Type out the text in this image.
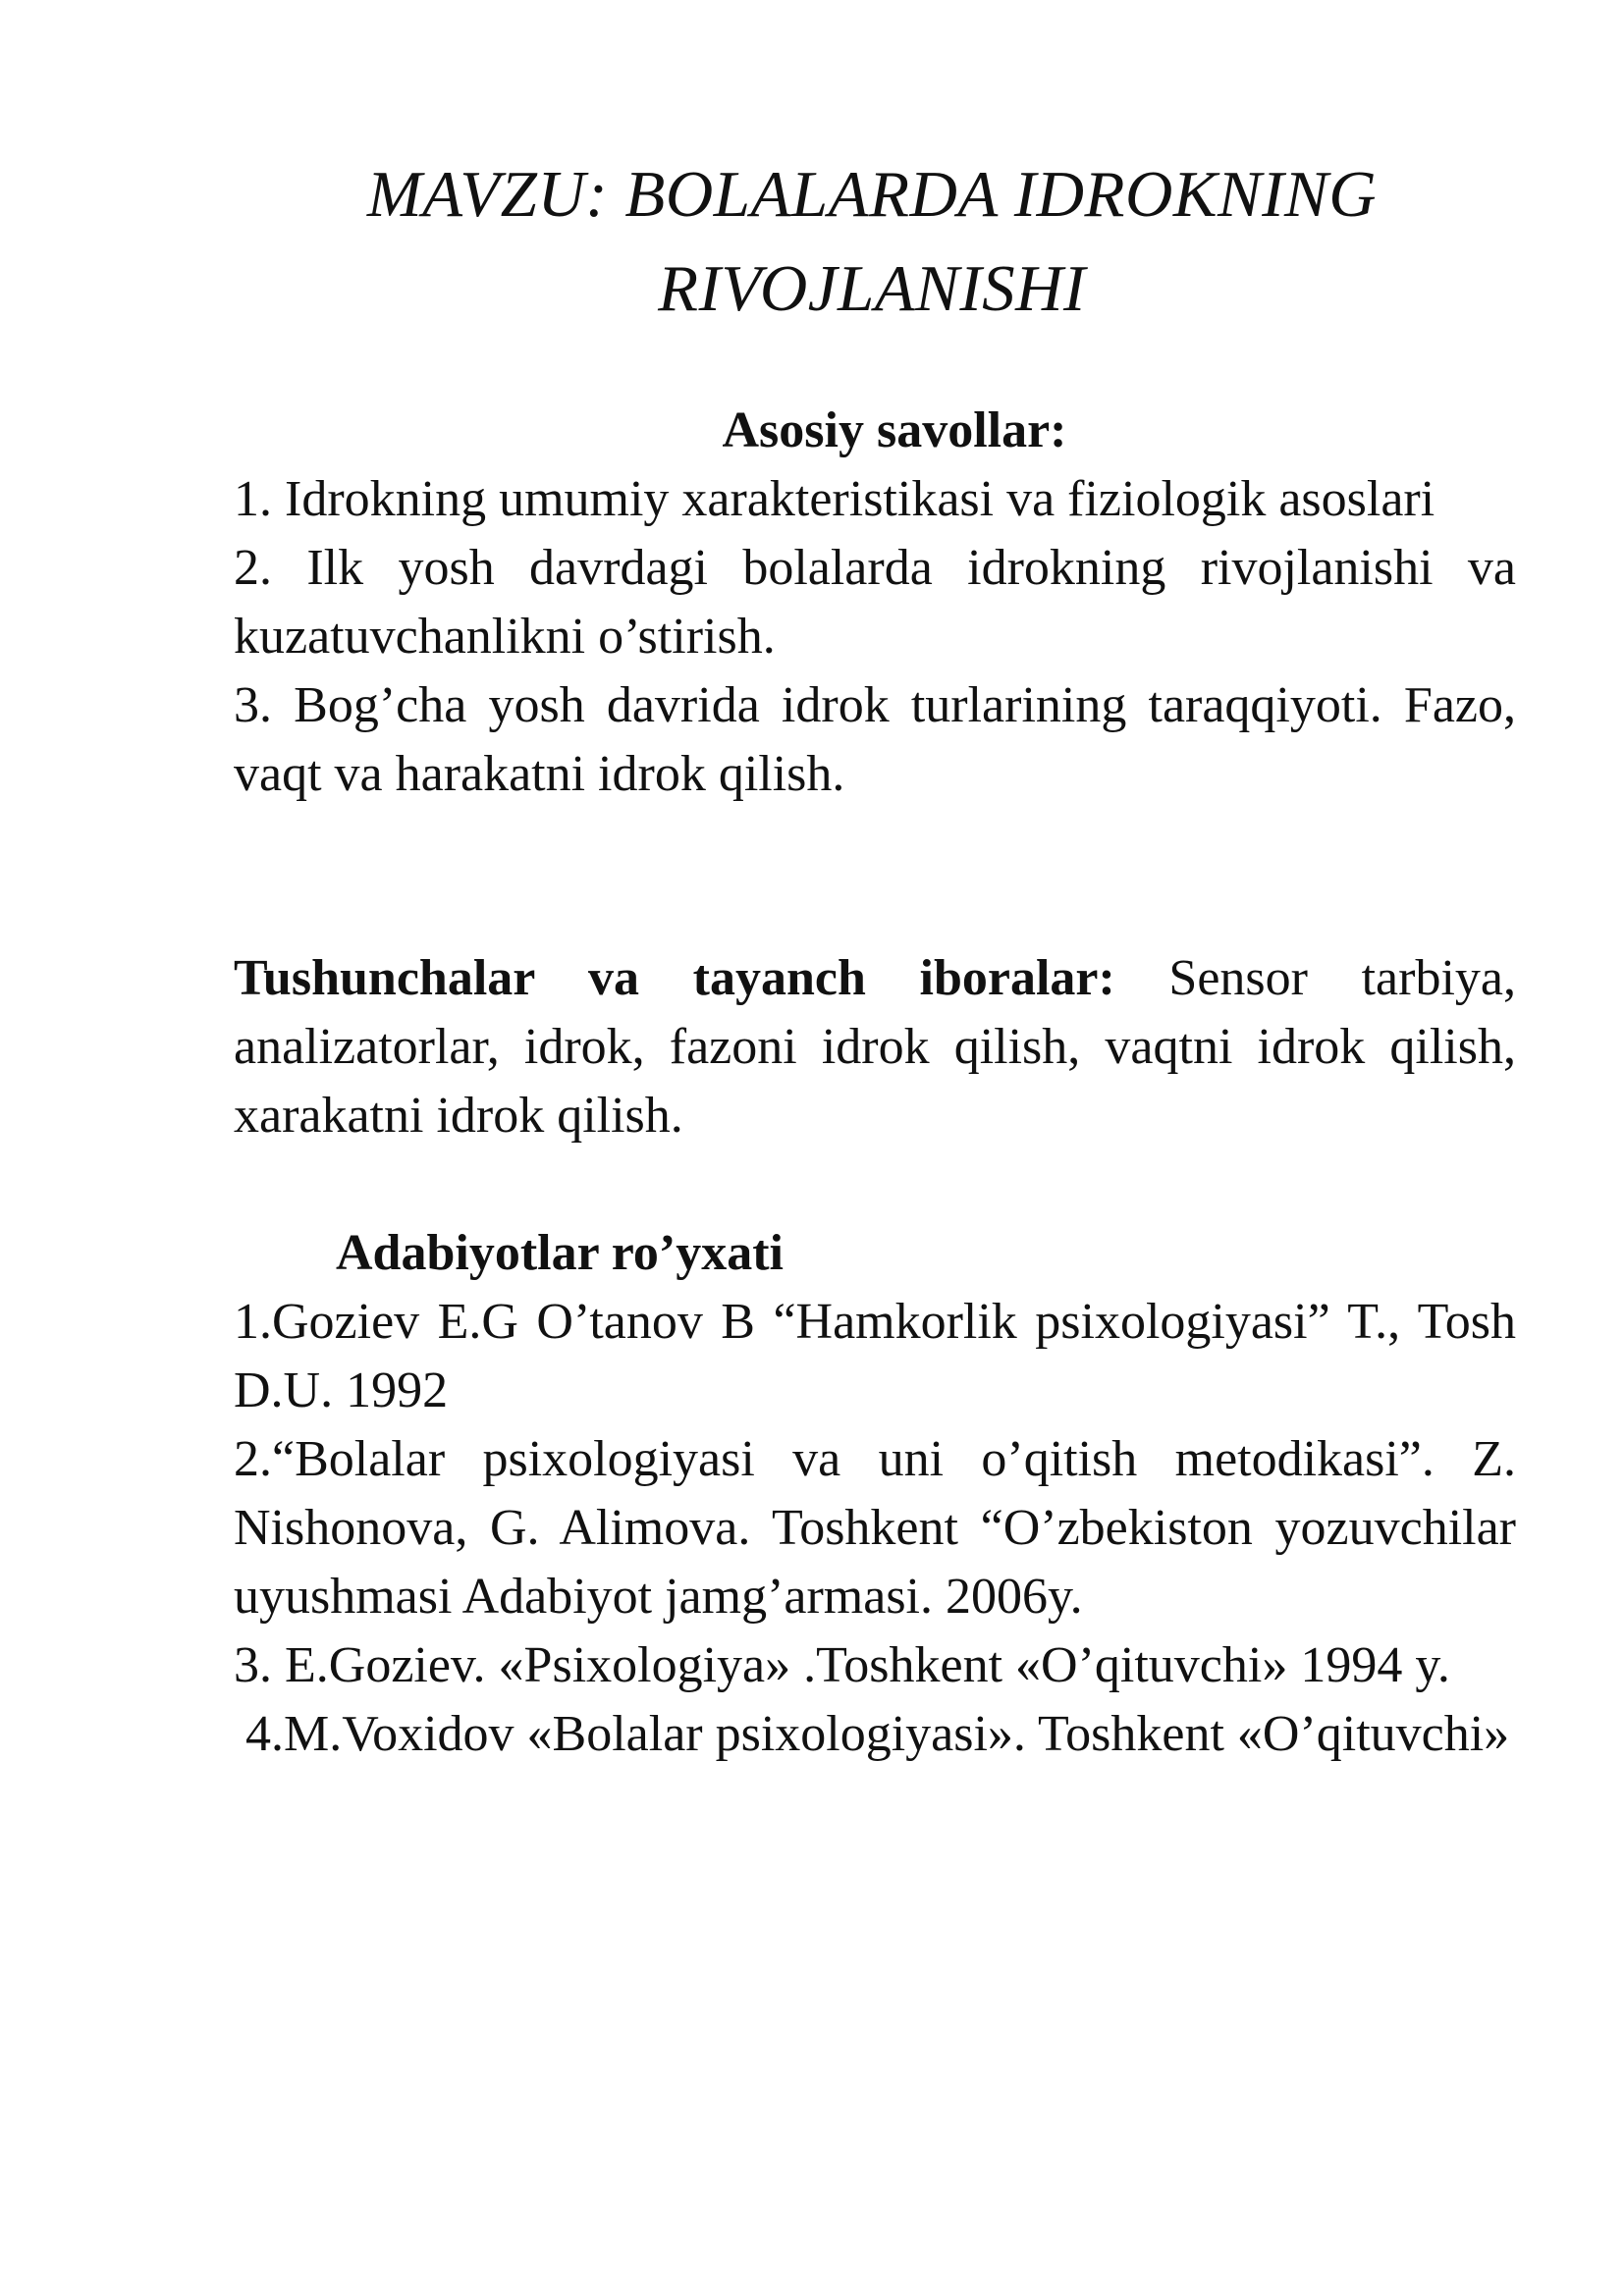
MAVZU: BOLALARDA IDROKNING
RIVOJLANISHI

Asosiy savollar:

1. Idrokning umumiy xarakteristikasi va fiziologik asoslari

2. Ilk yosh davrdagi bolalarda idrokning rivojlanishi va kuzatuvchanlikni o’stirish.

3. Bog’cha yosh davrida idrok turlarining taraqqiyoti. Fazo, vaqt va harakatni idrok qilish.

Tushunchalar va tayanch iboralar: Sensor tarbiya, analizatorlar, idrok, fazoni idrok qilish, vaqtni idrok qilish, xarakatni idrok qilish.

Adabiyotlar ro’yxati

1.Goziev E.G O’tanov B “Hamkorlik psixologiyasi” T., Tosh D.U. 1992

2.“Bolalar psixologiyasi va uni o’qitish metodikasi”. Z. Nishonova, G. Alimova. Toshkent “O’zbekiston yozuvchilar uyushmasi Adabiyot jamg’armasi. 2006y.

3. E.Goziev. «Psixologiya» .Toshkent «O’qituvchi» 1994 y.

4.M.Voxidov «Bolalar psixologiyasi». Toshkent «O’qituvchi»
